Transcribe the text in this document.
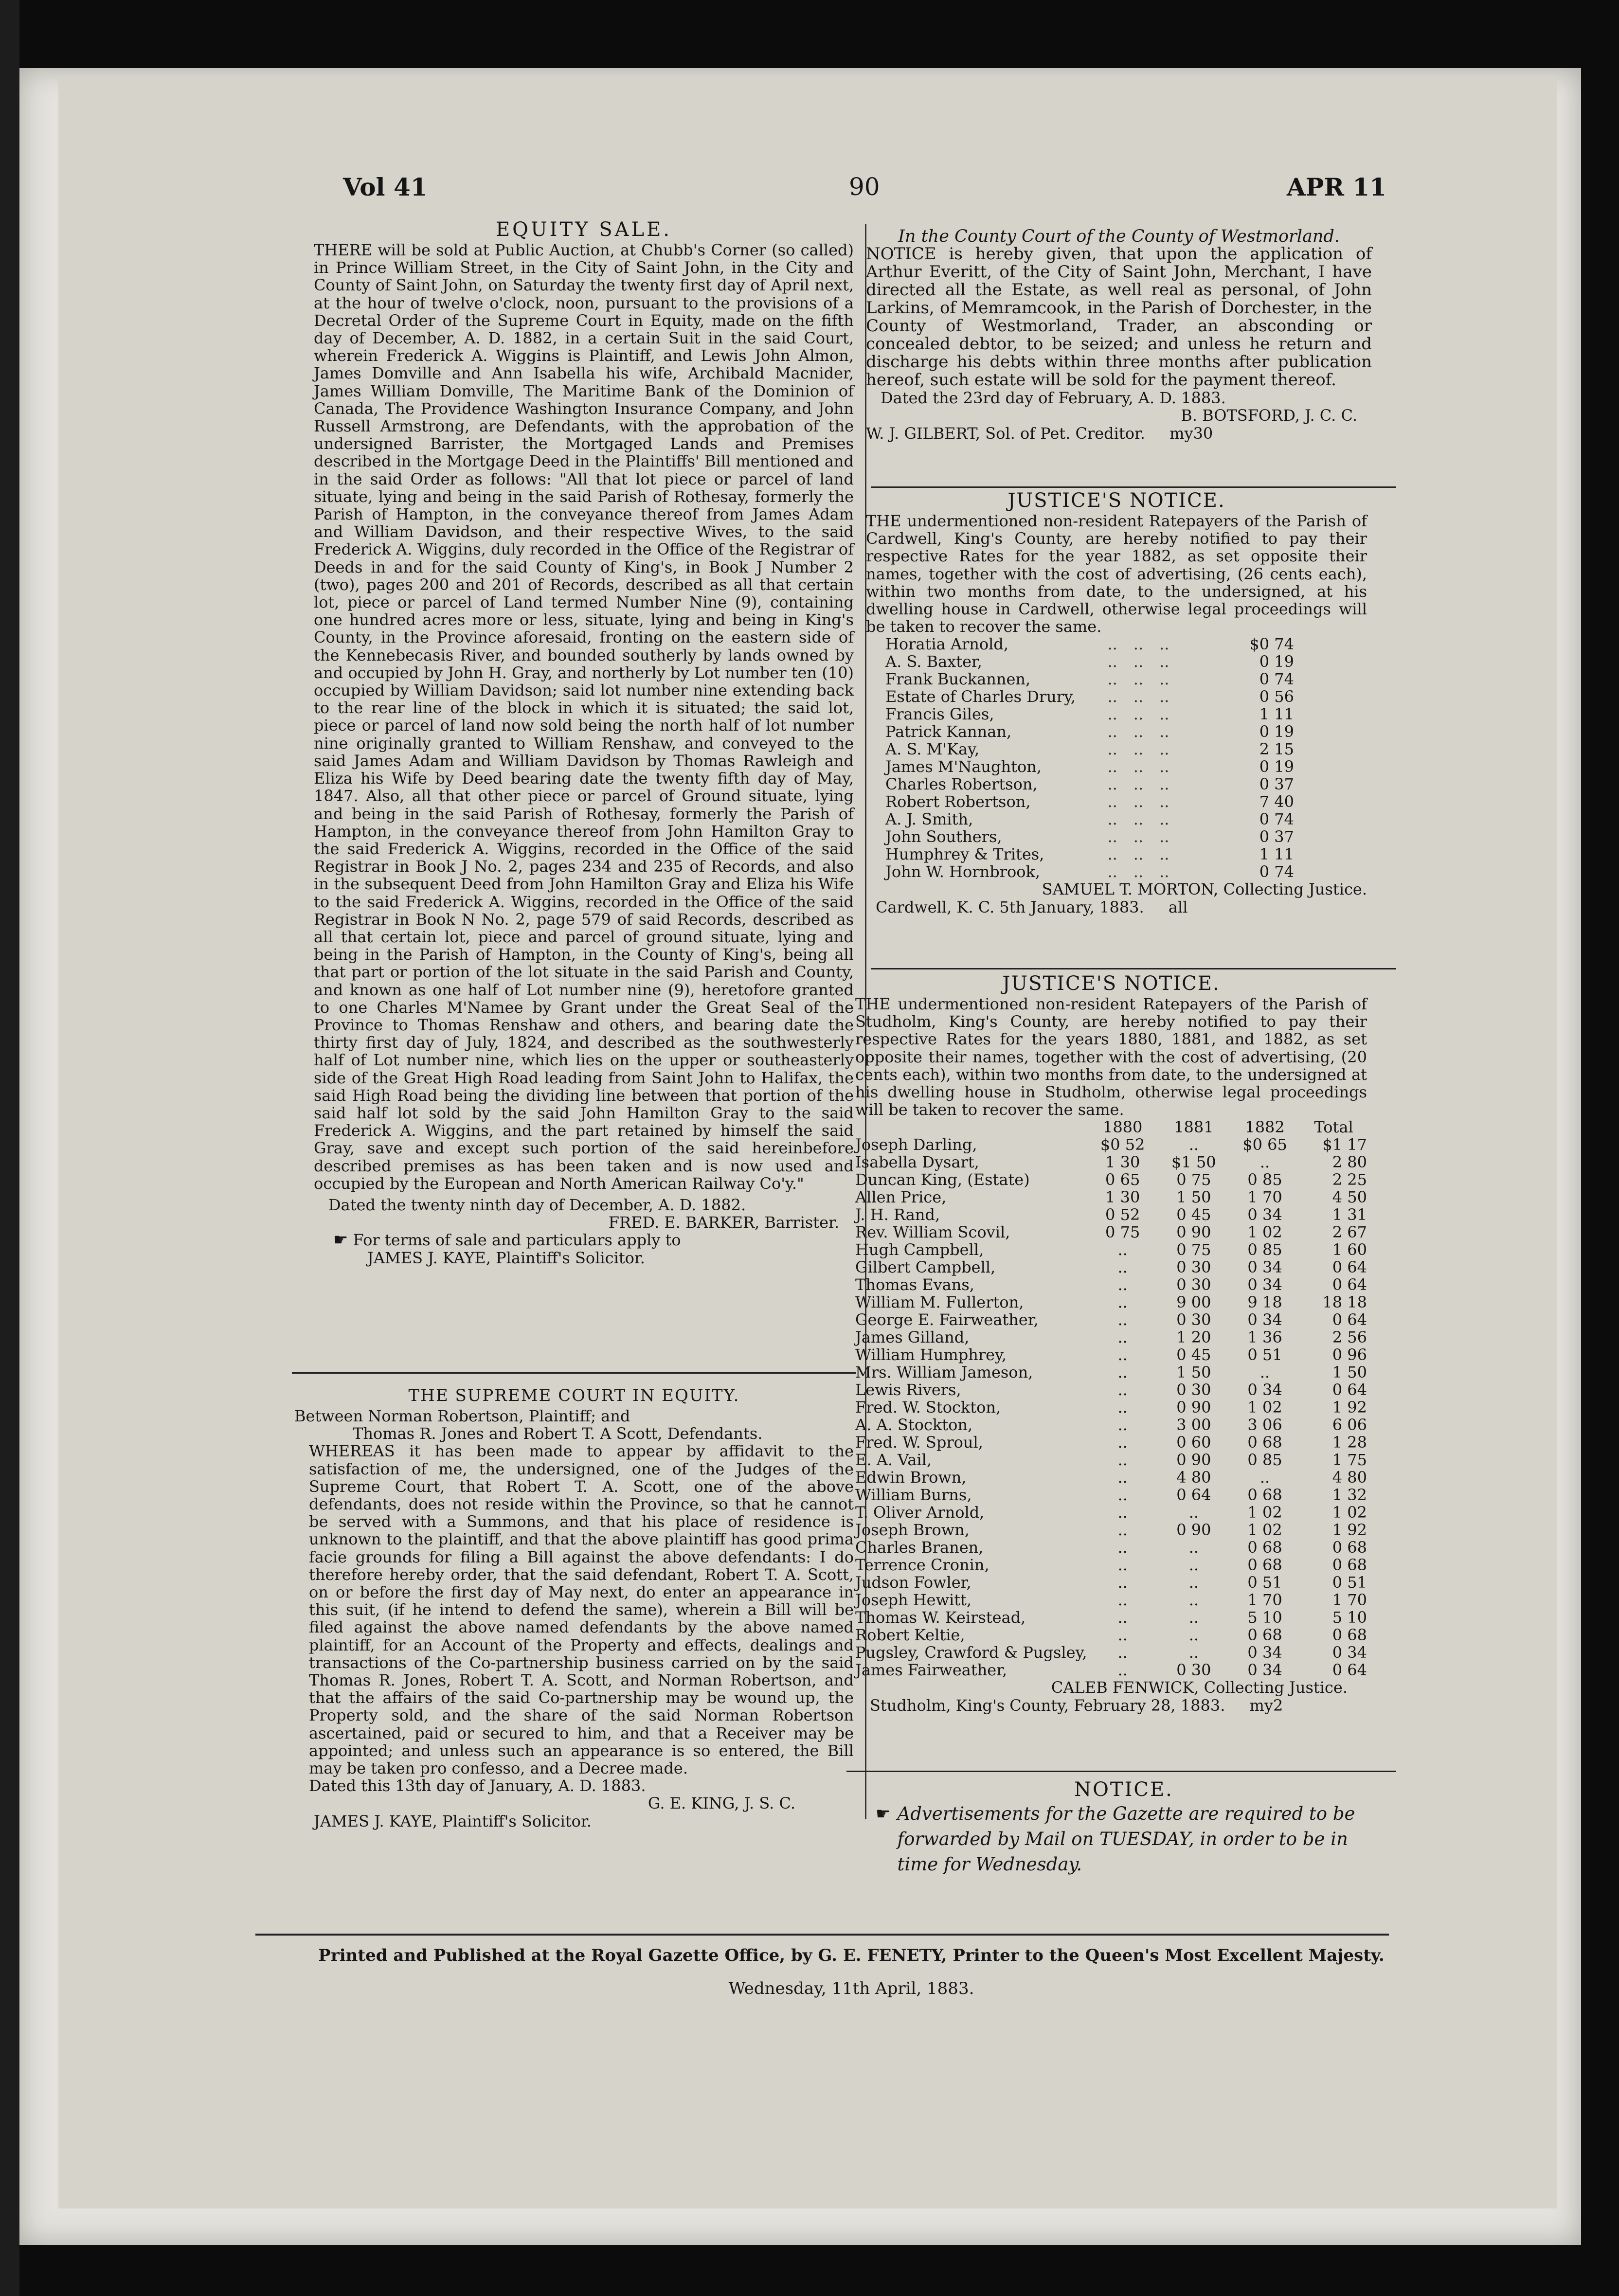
Vol 41	90	APR 11
EQUITY SALE.

THERE will be sold at Public Auction, at Chubb's Corner (so called) in Prince William Street, in the City of Saint John, in the City and County of Saint John, on Saturday the twenty first day of April next, at the hour of twelve o'clock, noon, pursuant to the provisions of a Decretal Order of the Supreme Court in Equity, made on the fifth day of December, A. D. 1882, in a certain Suit in the said Court, wherein Frederick A. Wiggins is Plaintiff, and Lewis John Almon, James Domville and Ann Isabella his wife, Archibald Macnider, James William Domville, The Maritime Bank of the Dominion of Canada, The Providence Washington Insurance Company, and John Russell Armstrong, are Defendants, with the approbation of the undersigned Barrister, the Mortgaged Lands and Premises described in the Mortgage Deed in the Plaintiffs' Bill mentioned and in the said Order as follows: "All that lot piece or parcel of land situate, lying and being in the said Parish of Rothesay, formerly the Parish of Hampton, in the conveyance thereof from James Adam and William Davidson, and their respective Wives, to the said Frederick A. Wiggins, duly recorded in the Office of the Registrar of Deeds in and for the said County of King's, in Book J Number 2 (two), pages 200 and 201 of Records, described as all that certain lot, piece or parcel of Land termed Number Nine (9), containing one hundred acres more or less, situate, lying and being in King's County, in the Province aforesaid, fronting on the eastern side of the Kennebecasis River, and bounded southerly by lands owned by and occupied by John H. Gray, and northerly by Lot number ten (10) occupied by William Davidson; said lot number nine extending back to the rear line of the block in which it is situated; the said lot, piece or parcel of land now sold being the north half of lot number nine originally granted to William Renshaw, and conveyed to the said James Adam and William Davidson by Thomas Rawleigh and Eliza his Wife by Deed bearing date the twenty fifth day of May, 1847. Also, all that other piece or parcel of Ground situate, lying and being in the said Parish of Rothesay, formerly the Parish of Hampton, in the conveyance thereof from John Hamilton Gray to the said Frederick A. Wiggins, recorded in the Office of the said Registrar in Book J No. 2, pages 234 and 235 of Records, and also in the subsequent Deed from John Hamilton Gray and Eliza his Wife to the said Frederick A. Wiggins, recorded in the Office of the said Registrar in Book N No. 2, page 579 of said Records, described as all that certain lot, piece and parcel of ground situate, lying and being in the Parish of Hampton, in the County of King's, being all that part or portion of the lot situate in the said Parish and County, and known as one half of Lot number nine (9), heretofore granted to one Charles M'Namee by Grant under the Great Seal of the Province to Thomas Renshaw and others, and bearing date the thirty first day of July, 1824, and described as the southwesterly half of Lot number nine, which lies on the upper or southeasterly side of the Great High Road leading from Saint John to Halifax, the said High Road being the dividing line between that portion of the said half lot sold by the said John Hamilton Gray to the said Frederick A. Wiggins, and the part retained by himself the said Gray, save and except such portion of the said hereinbefore described premises as has been taken and is now used and occupied by the European and North American Railway Co'y."

Dated the twenty ninth day of December, A. D. 1882.

FRED. E. BARKER, Barrister.
☛ For terms of sale and particulars apply to
JAMES J. KAYE, Plaintiff's Solicitor.
THE SUPREME COURT IN EQUITY.
Between Norman Robertson, Plaintiff; and
Thomas R. Jones and Robert T. A Scott, Defendants.

WHEREAS it has been made to appear by affidavit to the satisfaction of me, the undersigned, one of the Judges of the Supreme Court, that Robert T. A. Scott, one of the above defendants, does not reside within the Province, so that he cannot be served with a Summons, and that his place of residence is unknown to the plaintiff, and that the above plaintiff has good prima facie grounds for filing a Bill against the above defendants: I do therefore hereby order, that the said defendant, Robert T. A. Scott, on or before the first day of May next, do enter an appearance in this suit, (if he intend to defend the same), wherein a Bill will be filed against the above named defendants by the above named plaintiff, for an Account of the Property and effects, dealings and transactions of the Co-partnership business carried on by the said Thomas R. Jones, Robert T. A. Scott, and Norman Robertson, and that the affairs of the said Co-partnership may be wound up, the Property sold, and the share of the said Norman Robertson ascertained, paid or secured to him, and that a Receiver may be appointed; and unless such an appearance is so entered, the Bill may be taken pro confesso, and a Decree made.

Dated this 13th day of January, A. D. 1883.
G. E. KING, J. S. C.
JAMES J. KAYE, Plaintiff's Solicitor.
In the County Court of the County of Westmorland.

NOTICE is hereby given, that upon the application of Arthur Everitt, of the City of Saint John, Merchant, I have directed all the Estate, as well real as personal, of John Larkins, of Memramcook, in the Parish of Dorchester, in the County of Westmorland, Trader, an absconding or concealed debtor, to be seized; and unless he return and discharge his debts within three months after publication hereof, such estate will be sold for the payment thereof.

Dated the 23rd day of February, A. D. 1883.
B. BOTSFORD, J. C. C.
W. J. GILBERT, Sol. of Pet. Creditor. my30
JUSTICE'S NOTICE.

THE undermentioned non-resident Ratepayers of the Parish of Cardwell, King's County, are hereby notified to pay their respective Rates for the year 1882, as set opposite their names, together with the cost of advertising, (26 cents each), within two months from date, to the undersigned, at his dwelling house in Cardwell, otherwise legal proceedings will be taken to recover the same.

Horatia Arnold,	..	..	..	$0 74
A. S. Baxter,	..	..	..	0 19
Frank Buckannen,	..	..	..	0 74
Estate of Charles Drury,	..	..	..	0 56
Francis Giles,	..	..	..	1 11
Patrick Kannan,	..	..	..	0 19
A. S. M'Kay,	..	..	..	2 15
James M'Naughton,	..	..	..	0 19
Charles Robertson,	..	..	..	0 37
Robert Robertson,	..	..	..	7 40
A. J. Smith,	..	..	..	0 74
John Southers,	..	..	..	0 37
Humphrey & Trites,	..	..	..	1 11
John W. Hornbrook,	..	..	..	0 74
SAMUEL T. MORTON, Collecting Justice.
Cardwell, K. C. 5th January, 1883. all
JUSTICE'S NOTICE.

THE undermentioned non-resident Ratepayers of the Parish of Studholm, King's County, are hereby notified to pay their respective Rates for the years 1880, 1881, and 1882, as set opposite their names, together with the cost of advertising, (20 cents each), within two months from date, to the undersigned at his dwelling house in Studholm, otherwise legal proceedings will be taken to recover the same.

	1880	1881	1882	Total
Joseph Darling,	$0 52	..	$0 65	$1 17
Isabella Dysart,	1 30	$1 50	..	2 80
Duncan King, (Estate)	0 65	0 75	0 85	2 25
Allen Price,	1 30	1 50	1 70	4 50
J. H. Rand,	0 52	0 45	0 34	1 31
Rev. William Scovil,	0 75	0 90	1 02	2 67
Hugh Campbell,	..	0 75	0 85	1 60
Gilbert Campbell,	..	0 30	0 34	0 64
Thomas Evans,	..	0 30	0 34	0 64
William M. Fullerton,	..	9 00	9 18	18 18
George E. Fairweather,	..	0 30	0 34	0 64
James Gilland,	..	1 20	1 36	2 56
William Humphrey,	..	0 45	0 51	0 96
Mrs. William Jameson,	..	1 50	..	1 50
Lewis Rivers,	..	0 30	0 34	0 64
Fred. W. Stockton,	..	0 90	1 02	1 92
A. A. Stockton,	..	3 00	3 06	6 06
Fred. W. Sproul,	..	0 60	0 68	1 28
E. A. Vail,	..	0 90	0 85	1 75
Edwin Brown,	..	4 80	..	4 80
William Burns,	..	0 64	0 68	1 32
T. Oliver Arnold,	..	..	1 02	1 02
Joseph Brown,	..	0 90	1 02	1 92
Charles Branen,	..	..	0 68	0 68
Terrence Cronin,	..	..	0 68	0 68
Judson Fowler,	..	..	0 51	0 51
Joseph Hewitt,	..	..	1 70	1 70
Thomas W. Keirstead,	..	..	5 10	5 10
Robert Keltie,	..	..	0 68	0 68
Pugsley, Crawford & Pugsley,	..	..	0 34	0 34
James Fairweather,	..	0 30	0 34	0 64
CALEB FENWICK, Collecting Justice.
Studholm, King's County, February 28, 1883. my2
NOTICE.
☛ Advertisements for the Gazette are required to be forwarded by Mail on TUESDAY, in order to be in time for Wednesday.
Printed and Published at the Royal Gazette Office, by G. E. FENETY, Printer to the Queen's Most Excellent Majesty.
Wednesday, 11th April, 1883.
